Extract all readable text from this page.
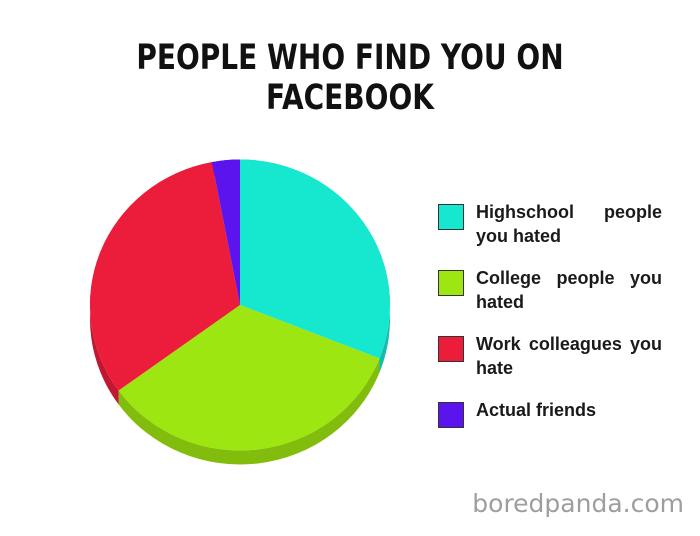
PEOPLE WHO FIND YOU ON FACEBOOK
Highschool people you hated
College people you hated
Work colleagues you hate
Actual friends
boredpanda.com
